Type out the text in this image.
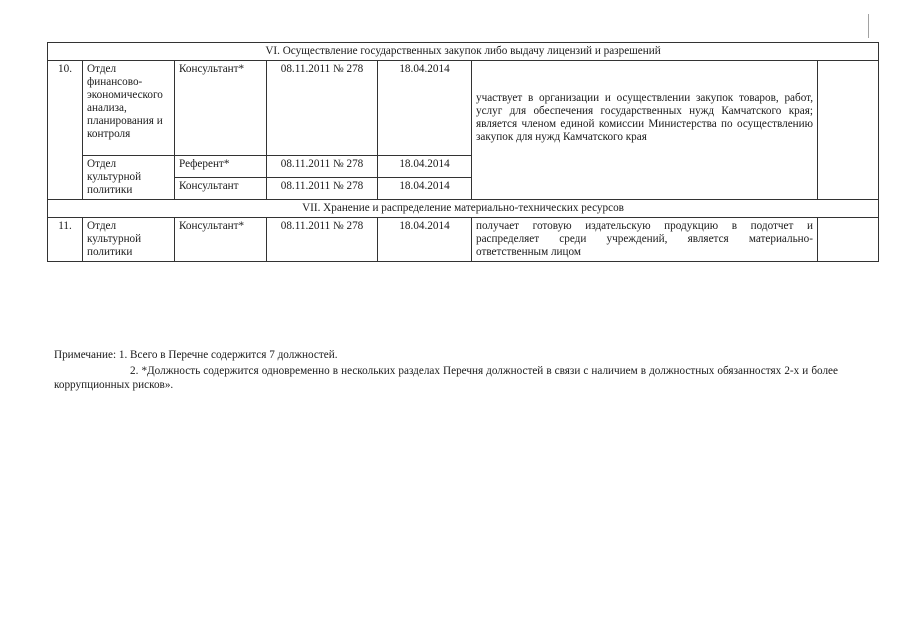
VI. Осуществление государственных закупок либо выдачу лицензий и разрешений						
10.	Отдел финансово-экономического анализа, планирования и контроля	Консультант*	08.11.2011 № 278	18.04.2014	участвует в организации и осуществлении закупок товаров, работ, услуг для обеспечения государственных нужд Камчатского края; является членом единой комиссии Министерства по осуществлению закупок для нужд Камчатского края	
	Отдел культурной политики	Референт*	08.11.2011 № 278	18.04.2014		
		Консультант	08.11.2011 № 278	18.04.2014		
VII. Хранение и распределение материально-технических ресурсов						
11.	Отдел культурной политики	Консультант*	08.11.2011 № 278	18.04.2014	получает готовую издательскую продукцию в подотчет и распределяет среди учреждений, является материально-ответственным лицом	

Примечание: 1. Всего в Перечне содержится 7 должностей.

2. *Должность содержится одновременно в нескольких разделах Перечня должностей в связи с наличием в должностных обязанностях 2-х и более коррупционных рисков».
